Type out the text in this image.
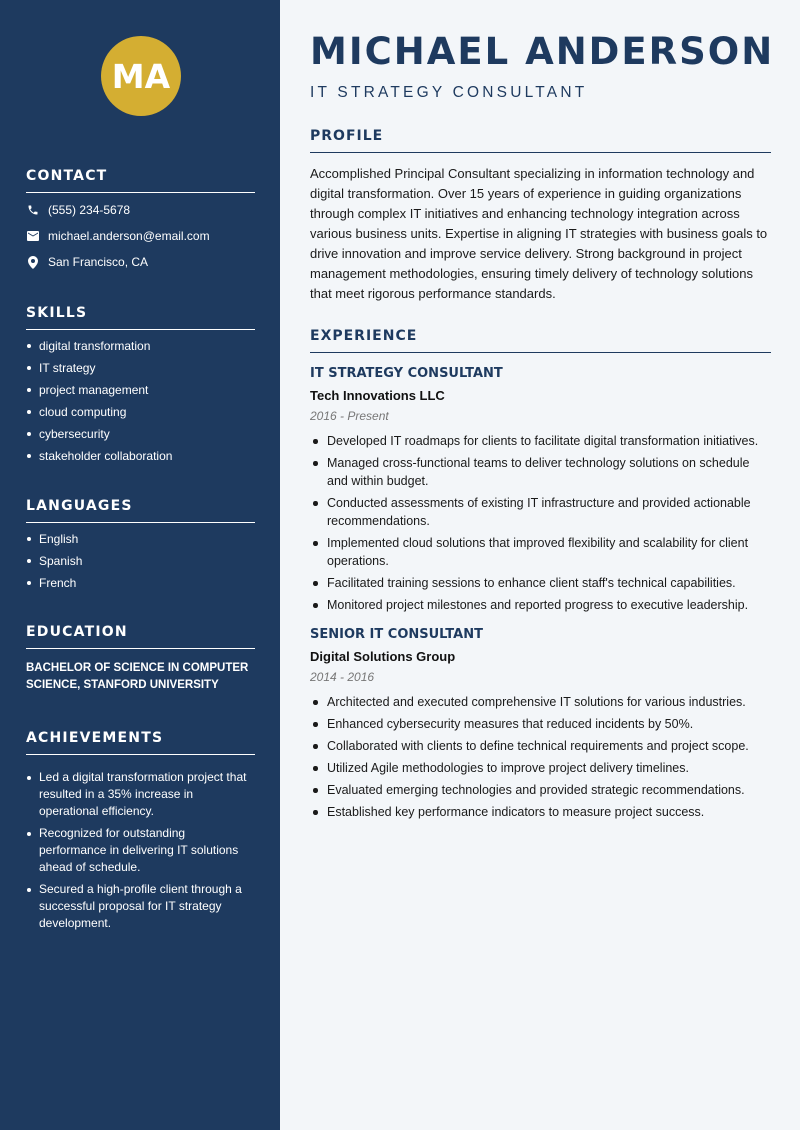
MA
CONTACT
(555) 234-5678
michael.anderson@email.com
San Francisco, CA
SKILLS
digital transformation
IT strategy
project management
cloud computing
cybersecurity
stakeholder collaboration
LANGUAGES
English
Spanish
French
EDUCATION
BACHELOR OF SCIENCE IN COMPUTER SCIENCE, STANFORD UNIVERSITY
ACHIEVEMENTS
Led a digital transformation project that resulted in a 35% increase in operational efficiency.
Recognized for outstanding performance in delivering IT solutions ahead of schedule.
Secured a high-profile client through a successful proposal for IT strategy development.
MICHAEL ANDERSON
IT STRATEGY CONSULTANT
PROFILE

Accomplished Principal Consultant specializing in information technology and digital transformation. Over 15 years of experience in guiding organizations through complex IT initiatives and enhancing technology integration across various business units. Expertise in aligning IT strategies with business goals to drive innovation and improve service delivery. Strong background in project management methodologies, ensuring timely delivery of technology solutions that meet rigorous performance standards.

EXPERIENCE
IT STRATEGY CONSULTANT
Tech Innovations LLC
2016 - Present
Developed IT roadmaps for clients to facilitate digital transformation initiatives.
Managed cross-functional teams to deliver technology solutions on schedule and within budget.
Conducted assessments of existing IT infrastructure and provided actionable recommendations.
Implemented cloud solutions that improved flexibility and scalability for client operations.
Facilitated training sessions to enhance client staff's technical capabilities.
Monitored project milestones and reported progress to executive leadership.
SENIOR IT CONSULTANT
Digital Solutions Group
2014 - 2016
Architected and executed comprehensive IT solutions for various industries.
Enhanced cybersecurity measures that reduced incidents by 50%.
Collaborated with clients to define technical requirements and project scope.
Utilized Agile methodologies to improve project delivery timelines.
Evaluated emerging technologies and provided strategic recommendations.
Established key performance indicators to measure project success.
